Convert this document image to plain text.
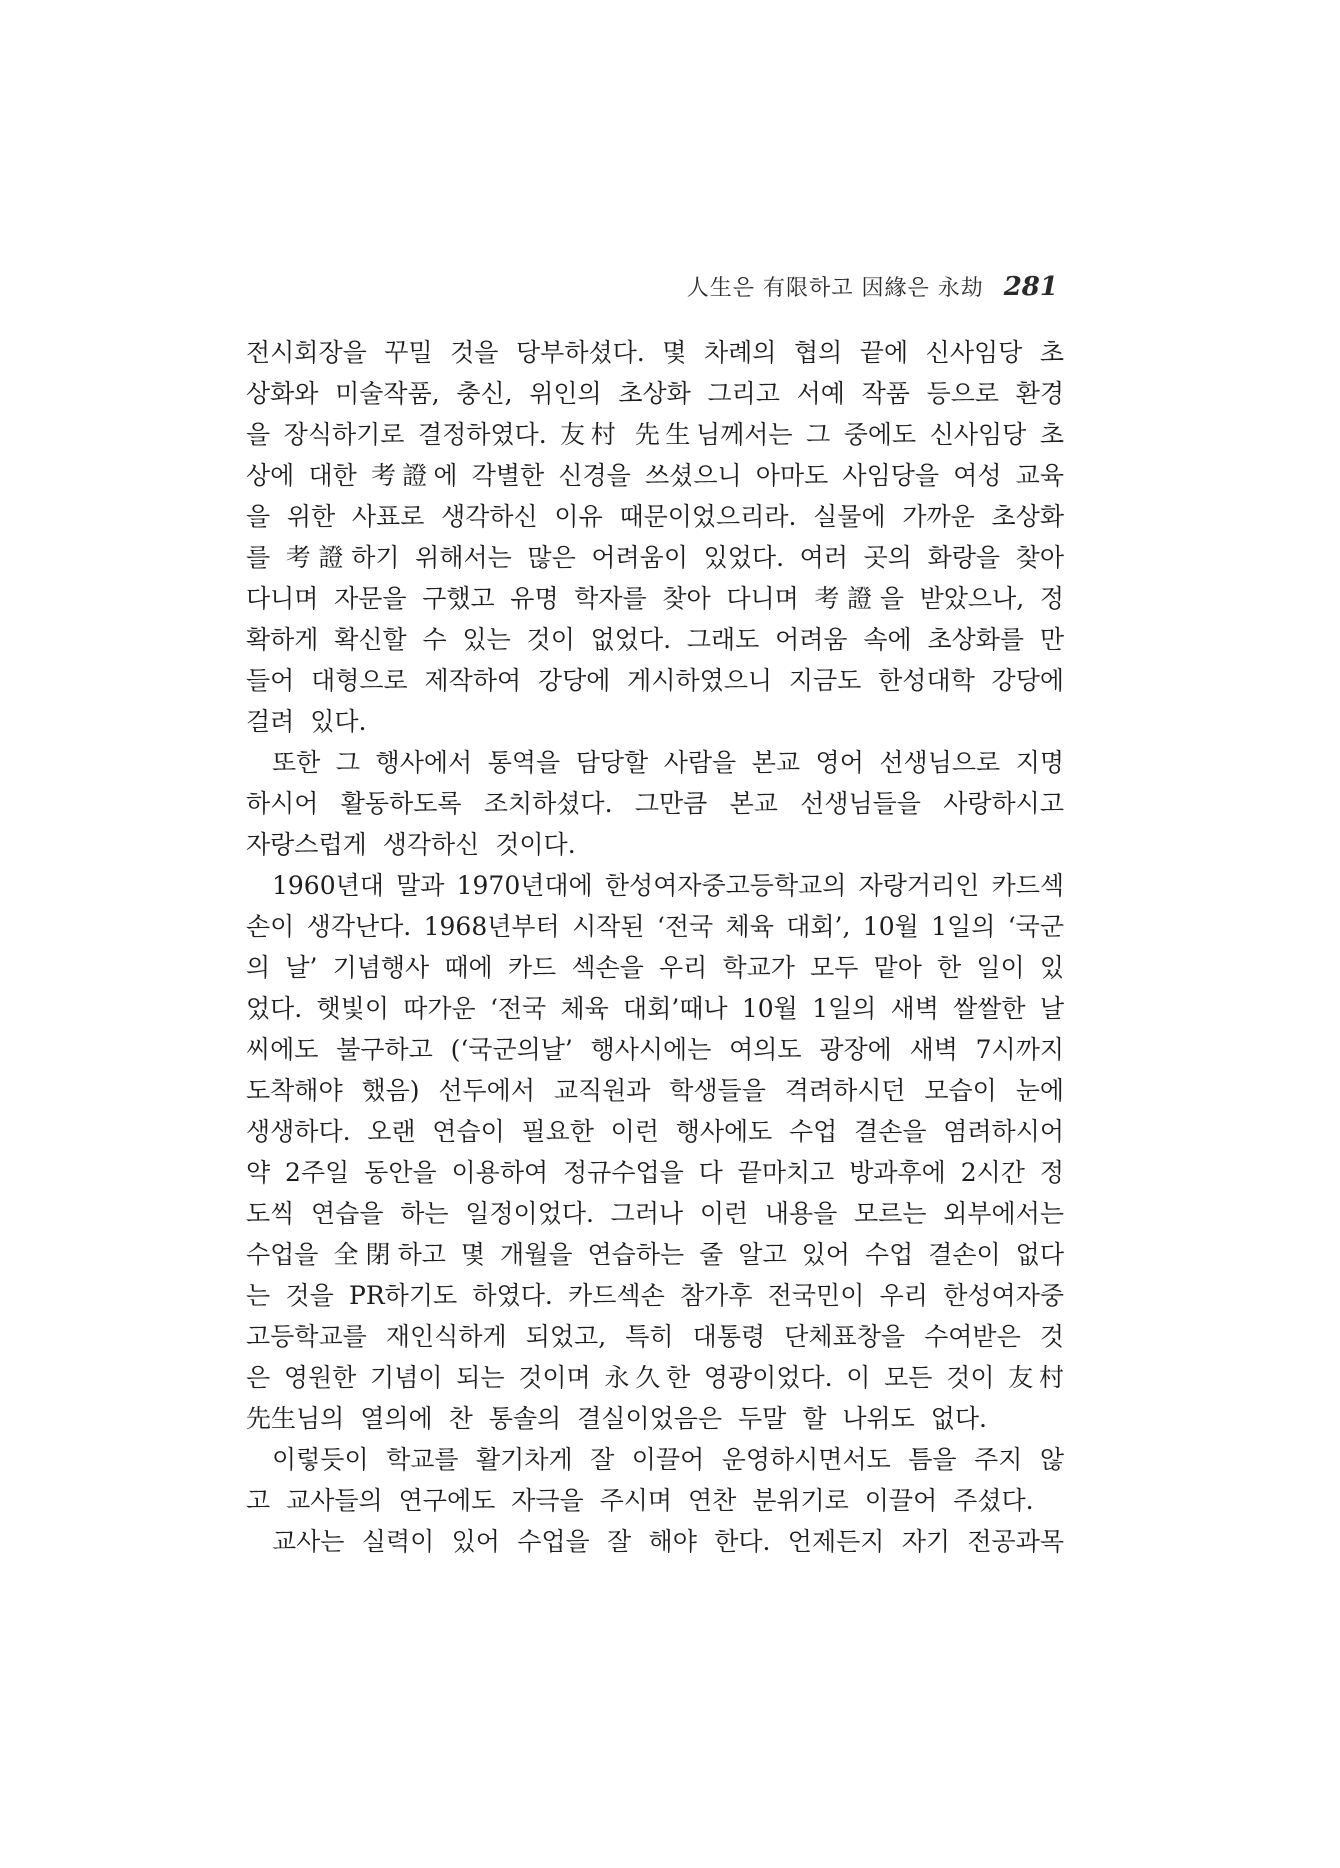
人生은 有限하고 因緣은 永劫 281
전시회장을 꾸밀 것을 당부하셨다. 몇 차례의 협의 끝에 신사임당 초
상화와 미술작품, 충신, 위인의 초상화 그리고 서예 작품 등으로 환경
을 장식하기로 결정하였다. 友村 先生님께서는 그 중에도 신사임당 초
상에 대한 考證에 각별한 신경을 쓰셨으니 아마도 사임당을 여성 교육
을 위한 사표로 생각하신 이유 때문이었으리라. 실물에 가까운 초상화
를 考證하기 위해서는 많은 어려움이 있었다. 여러 곳의 화랑을 찾아
다니며 자문을 구했고 유명 학자를 찾아 다니며 考證을 받았으나, 정
확하게 확신할 수 있는 것이 없었다. 그래도 어려움 속에 초상화를 만
들어 대형으로 제작하여 강당에 게시하였으니 지금도 한성대학 강당에
걸려 있다.
또한 그 행사에서 통역을 담당할 사람을 본교 영어 선생님으로 지명
하시어 활동하도록 조치하셨다. 그만큼 본교 선생님들을 사랑하시고
자랑스럽게 생각하신 것이다.
1960년대 말과 1970년대에 한성여자중고등학교의 자랑거리인 카드섹
손이 생각난다. 1968년부터 시작된 ‘전국 체육 대회’, 10월 1일의 ‘국군
의 날’ 기념행사 때에 카드 섹손을 우리 학교가 모두 맡아 한 일이 있
었다. 햇빛이 따가운 ‘전국 체육 대회’때나 10월 1일의 새벽 쌀쌀한 날
씨에도 불구하고 (‘국군의날’ 행사시에는 여의도 광장에 새벽 7시까지
도착해야 했음) 선두에서 교직원과 학생들을 격려하시던 모습이 눈에
생생하다. 오랜 연습이 필요한 이런 행사에도 수업 결손을 염려하시어
약 2주일 동안을 이용하여 정규수업을 다 끝마치고 방과후에 2시간 정
도씩 연습을 하는 일정이었다. 그러나 이런 내용을 모르는 외부에서는
수업을 全閉하고 몇 개월을 연습하는 줄 알고 있어 수업 결손이 없다
는 것을 PR하기도 하였다. 카드섹손 참가후 전국민이 우리 한성여자중
고등학교를 재인식하게 되었고, 특히 대통령 단체표창을 수여받은 것
은 영원한 기념이 되는 것이며 永久한 영광이었다. 이 모든 것이 友村
先生님의 열의에 찬 통솔의 결실이었음은 두말 할 나위도 없다.
이렇듯이 학교를 활기차게 잘 이끌어 운영하시면서도 틈을 주지 않
고 교사들의 연구에도 자극을 주시며 연찬 분위기로 이끌어 주셨다.
교사는 실력이 있어 수업을 잘 해야 한다. 언제든지 자기 전공과목
